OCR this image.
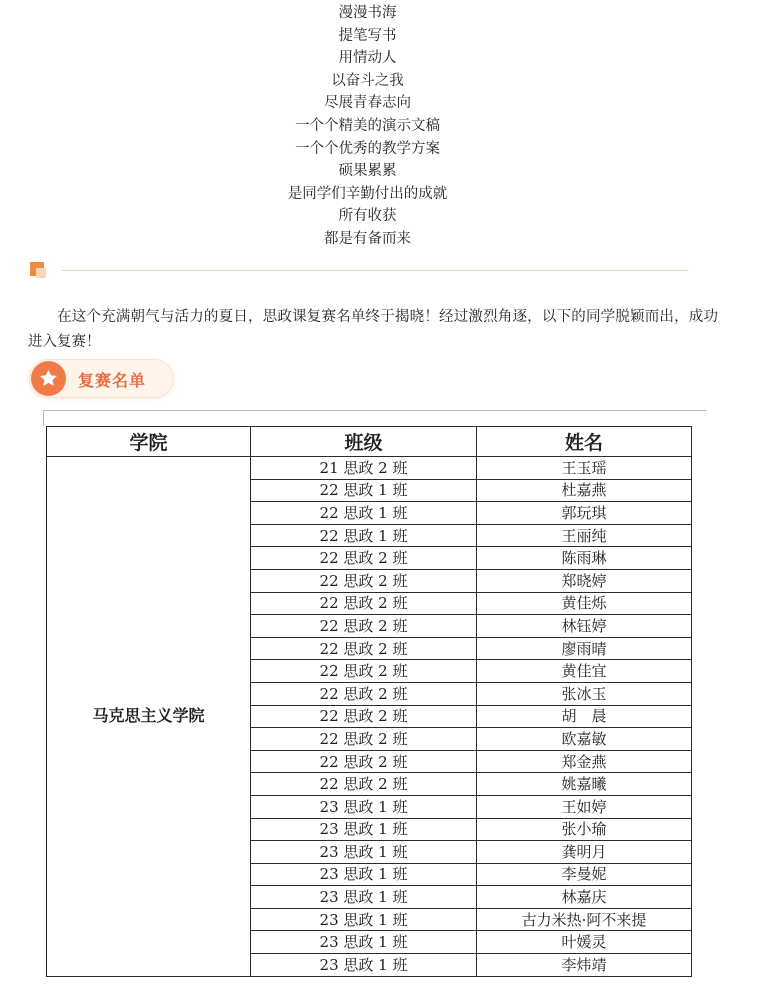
漫漫书海
提笔写书
用情动人
以奋斗之我
尽展青春志向
一个个精美的演示文稿
一个个优秀的教学方案
硕果累累
是同学们辛勤付出的成就
所有收获
都是有备而来

在这个充满朝气与活力的夏日，思政课复赛名单终于揭晓！经过激烈角逐，以下的同学脱颖而出，成功进入复赛！

复赛名单
学院	班级	姓名
马克思主义学院	21 思政 2 班	王玉瑶
	22 思政 1 班	杜嘉燕
	22 思政 1 班	郭玩琪
	22 思政 1 班	王丽纯
	22 思政 2 班	陈雨琳
	22 思政 2 班	郑晓婷
	22 思政 2 班	黄佳烁
	22 思政 2 班	林钰婷
	22 思政 2 班	廖雨晴
	22 思政 2 班	黄佳宜
	22 思政 2 班	张冰玉
	22 思政 2 班	胡　晨
	22 思政 2 班	欧嘉敏
	22 思政 2 班	郑金燕
	22 思政 2 班	姚嘉曦
	23 思政 1 班	王如婷
	23 思政 1 班	张小瑜
	23 思政 1 班	龚明月
	23 思政 1 班	李曼妮
	23 思政 1 班	林嘉庆
	23 思政 1 班	古力米热·阿不来提
	23 思政 1 班	叶媛灵
	23 思政 1 班	李炜靖
